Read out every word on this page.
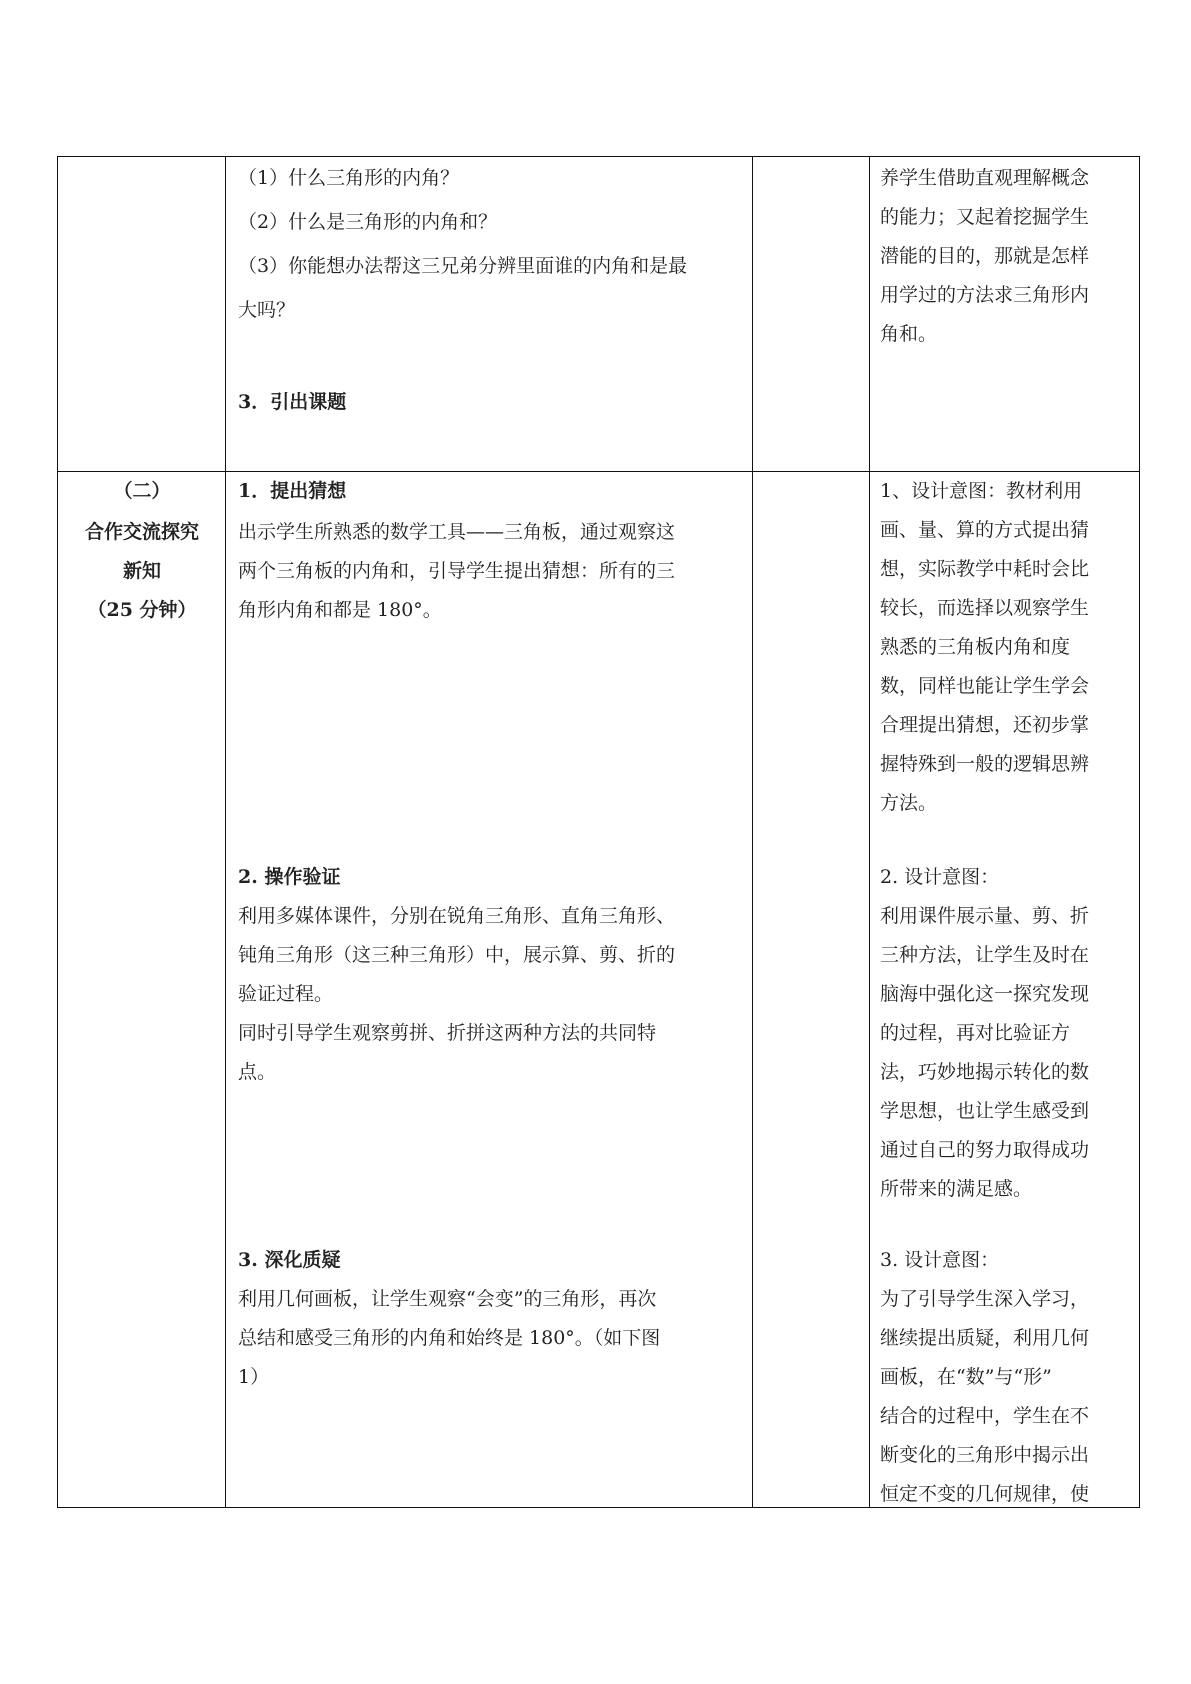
（1）什么三角形的内角？
（2）什么是三角形的内角和？
（3）你能想办法帮这三兄弟分辨里面谁的内角和是最
大吗？
3．引出课题
养学生借助直观理解概念
的能力；又起着挖掘学生
潜能的目的，那就是怎样
用学过的方法求三角形内
角和。
（二）
合作交流探究
新知
（25 分钟）
1．提出猜想
出示学生所熟悉的数学工具——三角板，通过观察这
两个三角板的内角和，引导学生提出猜想：所有的三
角形内角和都是 180°。
2. 操作验证
利用多媒体课件，分别在锐角三角形、直角三角形、
钝角三角形（这三种三角形）中，展示算、剪、折的
验证过程。
同时引导学生观察剪拼、折拼这两种方法的共同特
点。
3. 深化质疑
利用几何画板，让学生观察“会变”的三角形，再次
总结和感受三角形的内角和始终是 180°。（如下图
1）
1、设计意图：教材利用
画、量、算的方式提出猜
想，实际教学中耗时会比
较长，而选择以观察学生
熟悉的三角板内角和度
数，同样也能让学生学会
合理提出猜想，还初步掌
握特殊到一般的逻辑思辨
方法。
2. 设计意图：
利用课件展示量、剪、折
三种方法，让学生及时在
脑海中强化这一探究发现
的过程，再对比验证方
法，巧妙地揭示转化的数
学思想，也让学生感受到
通过自己的努力取得成功
所带来的满足感。
3. 设计意图：
为了引导学生深入学习，
继续提出质疑，利用几何
画板，在“数”与“形”
结合的过程中，学生在不
断变化的三角形中揭示出
恒定不变的几何规律，使
